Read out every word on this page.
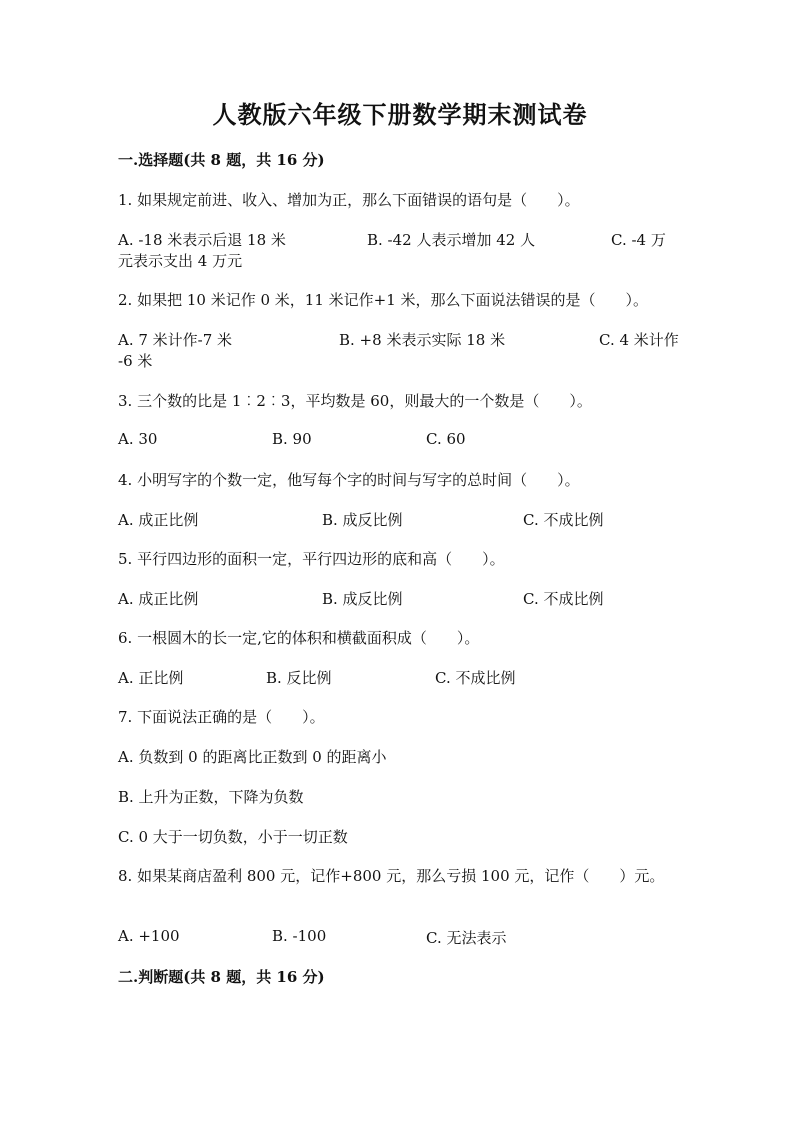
人教版六年级下册数学期末测试卷
一.选择题(共 8 题，共 16 分)
1. 如果规定前进、收入、增加为正，那么下面错误的语句是（　　）。
A. -18 米表示后退 18 米	B. -42 人表示增加 42 人	C. -4 万
元表示支出 4 万元
2. 如果把 10 米记作 0 米，11 米记作+1 米，那么下面说法错误的是（　　）。
A. 7 米计作-7 米	B. +8 米表示实际 18 米	C. 4 米计作
-6 米
3. 三个数的比是 1︰2︰3，平均数是 60，则最大的一个数是（　　）。
A. 30	B. 90	C. 60
4. 小明写字的个数一定，他写每个字的时间与写字的总时间（　　）。
A. 成正比例	B. 成反比例	C. 不成比例
5. 平行四边形的面积一定，平行四边形的底和高（　　）。
A. 成正比例	B. 成反比例	C. 不成比例
6. 一根圆木的长一定,它的体积和横截面积成（　　）。
A. 正比例	B. 反比例	C. 不成比例
7. 下面说法正确的是（　　）。
A. 负数到 0 的距离比正数到 0 的距离小
B. 上升为正数，下降为负数
C. 0 大于一切负数，小于一切正数
8. 如果某商店盈利 800 元，记作+800 元，那么亏损 100 元，记作（　　）元。
A. +100	B. -100	C. 无法表示
二.判断题(共 8 题，共 16 分)
